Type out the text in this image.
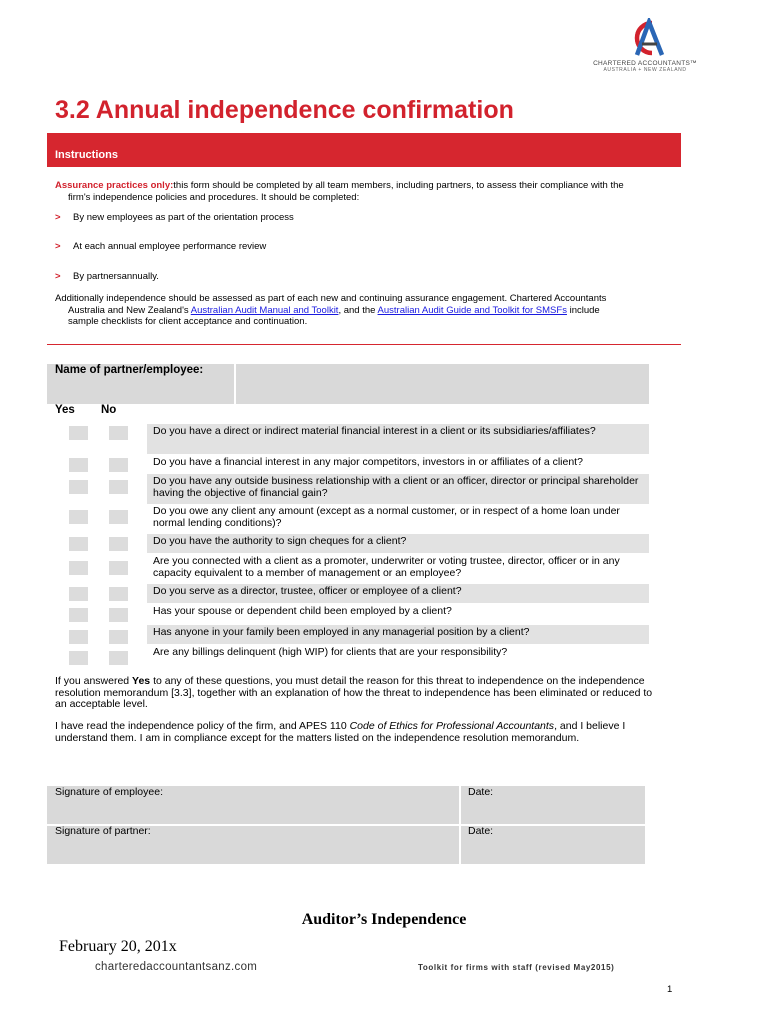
CHARTERED ACCOUNTANTS™
AUSTRALIA + NEW ZEALAND
3.2 Annual independence confirmation
Instructions
Assurance practices only:this form should be completed by all team members, including partners, to assess their compliance with the
firm's independence policies and procedures. It should be completed:
> By new employees as part of the orientation process
> At each annual employee performance review
> By partnersannually.
Additionally independence should be assessed as part of each new and continuing assurance engagement. Chartered Accountants
Australia and New Zealand's Australian Audit Manual and Toolkit, and the Australian Audit Guide and Toolkit for SMSFs include
sample checklists for client acceptance and continuation.
Name of partner/employee:
Yes No
Do you have a direct or indirect material financial interest in a client or its subsidiaries/affiliates?
Do you have a financial interest in any major competitors, investors in or affiliates of a client?
Do you have any outside business relationship with a client or an officer, director or principal shareholder having the objective of financial gain?
Do you owe any client any amount (except as a normal customer, or in respect of a home loan under normal lending conditions)?
Do you have the authority to sign cheques for a client?
Are you connected with a client as a promoter, underwriter or voting trustee, director, officer or in any capacity equivalent to a member of management or an employee?
Do you serve as a director, trustee, officer or employee of a client?
Has your spouse or dependent child been employed by a client?
Has anyone in your family been employed in any managerial position by a client?
Are any billings delinquent (high WIP) for clients that are your responsibility?
If you answered Yes to any of these questions, you must detail the reason for this threat to independence on the independence resolution memorandum [3.3], together with an explanation of how the threat to independence has been eliminated or reduced to an acceptable level.
I have read the independence policy of the firm, and APES 110 Code of Ethics for Professional Accountants, and I believe I understand them. I am in compliance except for the matters listed on the independence resolution memorandum.
Signature of employee:	Date:
Signature of partner:	Date:
Auditor’s Independence
February 20, 201x
charteredaccountantsanz.com	Toolkit for firms with staff (revised May2015)
1
